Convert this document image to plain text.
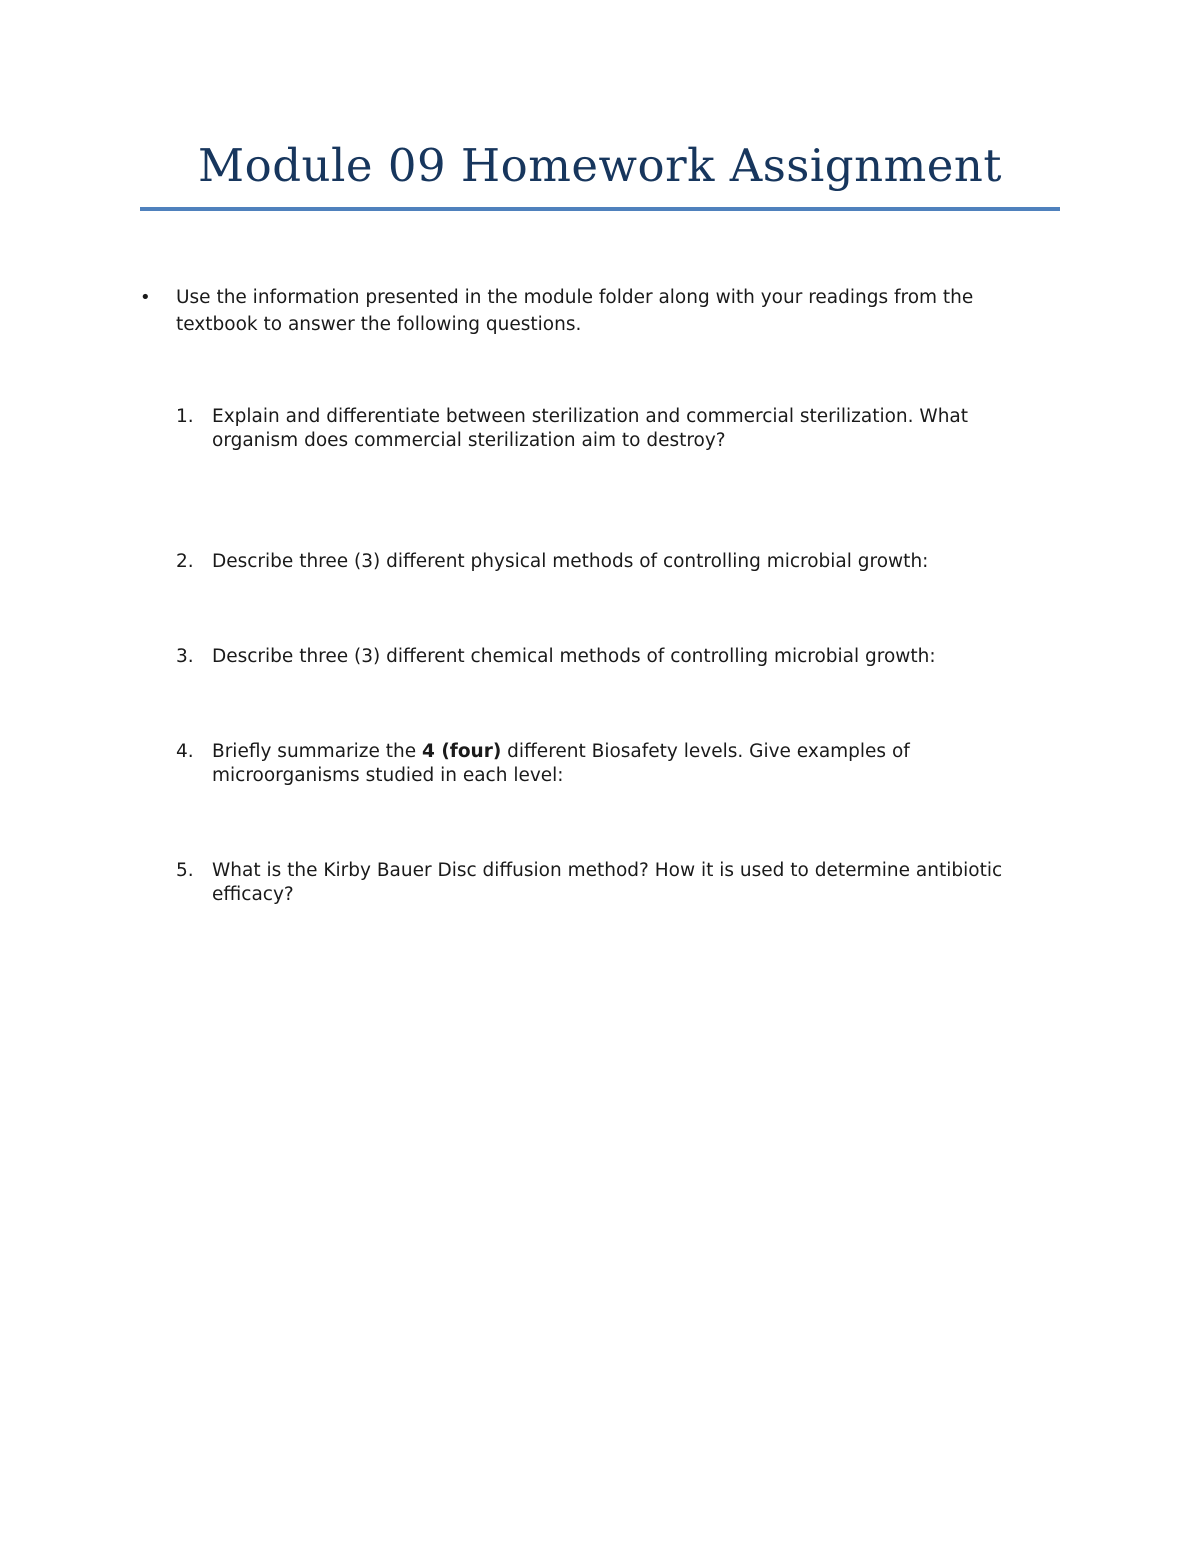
Module 09 Homework Assignment
• Use the information presented in the module folder along with your readings from the textbook to answer the following questions.
1. Explain and differentiate between sterilization and commercial sterilization. What organism does commercial sterilization aim to destroy?
2. Describe three (3) different physical methods of controlling microbial growth:
3. Describe three (3) different chemical methods of controlling microbial growth:
4. Briefly summarize the 4 (four) different Biosafety levels. Give examples of microorganisms studied in each level:
5. What is the Kirby Bauer Disc diffusion method? How it is used to determine antibiotic efficacy?
